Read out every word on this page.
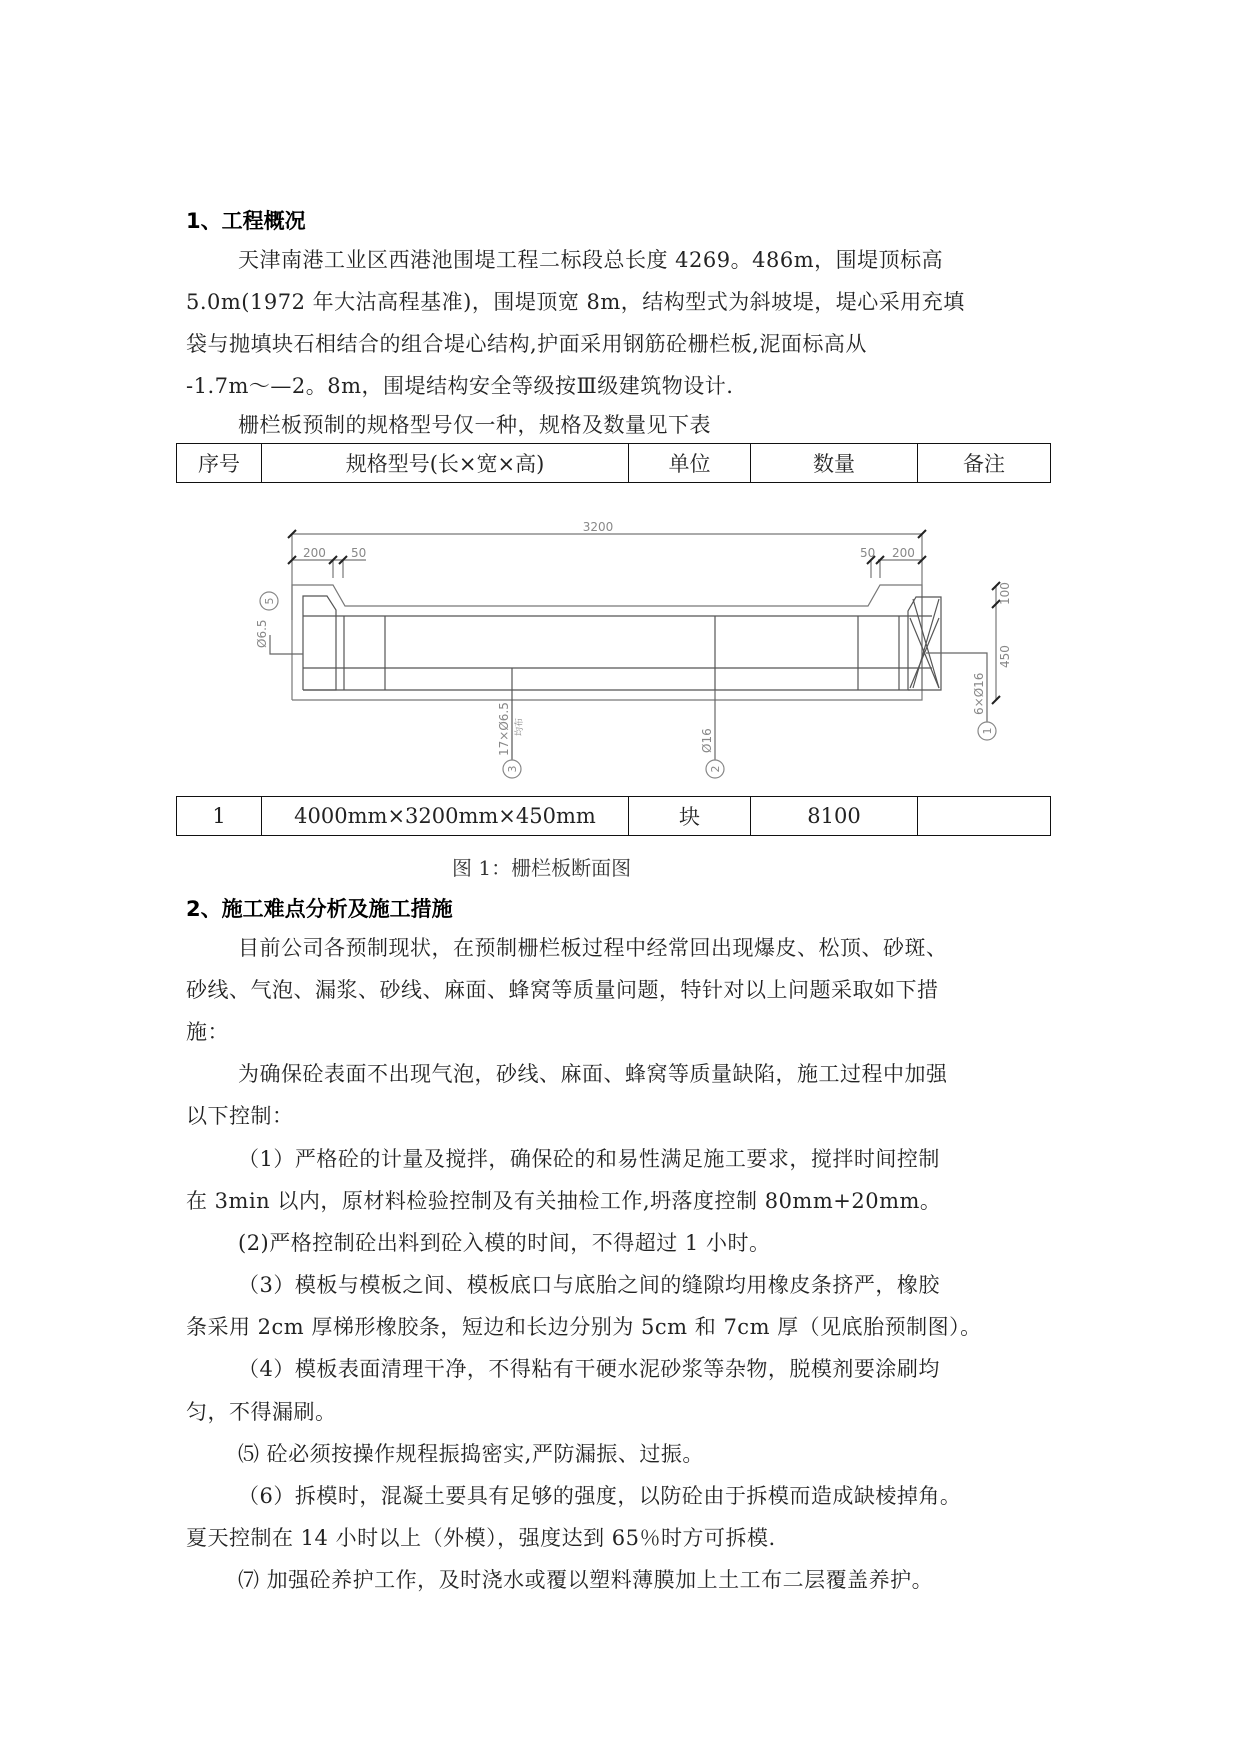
1、工程概况
天津南港工业区西港池围堤工程二标段总长度 4269。486m，围堤顶标高
5.0m(1972 年大沽高程基准)，围堤顶宽 8m，结构型式为斜坡堤，堤心采用充填
袋与抛填块石相结合的组合堤心结构,护面采用钢筋砼栅栏板,泥面标高从
-1.7m～—2。8m，围堤结构安全等级按Ⅲ级建筑物设计.
栅栏板预制的规格型号仅一种，规格及数量见下表
序号	规格型号(长×宽×高)	单位	数量	备注
3200
200 50	50 200
100
450
5
Ø6.5
3
17×Ø6.5 均布
2
Ø16	1
6×Ø16
1	4000mm×3200mm×450mm	块	8100	
图 1：栅栏板断面图
2、施工难点分析及施工措施
目前公司各预制现状，在预制栅栏板过程中经常回出现爆皮、松顶、砂斑、
砂线、气泡、漏浆、砂线、麻面、蜂窝等质量问题，特针对以上问题采取如下措
施：
为确保砼表面不出现气泡，砂线、麻面、蜂窝等质量缺陷，施工过程中加强
以下控制：
（1）严格砼的计量及搅拌，确保砼的和易性满足施工要求，搅拌时间控制
在 3min 以内，原材料检验控制及有关抽检工作,坍落度控制 80mm+20mm。
(2)严格控制砼出料到砼入模的时间，不得超过 1 小时。
（3）模板与模板之间、模板底口与底胎之间的缝隙均用橡皮条挤严，橡胶
条采用 2cm 厚梯形橡胶条，短边和长边分别为 5cm 和 7cm 厚（见底胎预制图）。
（4）模板表面清理干净，不得粘有干硬水泥砂浆等杂物，脱模剂要涂刷均
匀，不得漏刷。
⑸ 砼必须按操作规程振捣密实,严防漏振、过振。
（6）拆模时，混凝土要具有足够的强度，以防砼由于拆模而造成缺棱掉角。
夏天控制在 14 小时以上（外模），强度达到 65％时方可拆模.
⑺ 加强砼养护工作，及时浇水或覆以塑料薄膜加上土工布二层覆盖养护。
